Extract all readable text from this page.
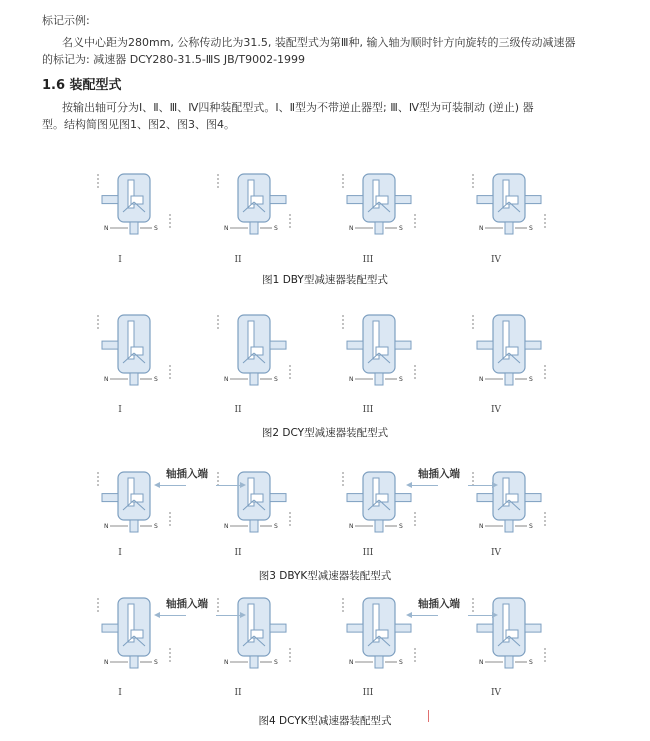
标记示例:
名义中心距为280mm, 公称传动比为31.5, 装配型式为第Ⅲ种, 输入轴为顺时针方向旋转的三级传动减速器
的标记为: 减速器 DCY280-31.5-ⅢS JB/T9002-1999
1.6 装配型式
按输出轴可分为Ⅰ、Ⅱ、Ⅲ、Ⅳ四种装配型式。Ⅰ、Ⅱ型为不带逆止器型; Ⅲ、Ⅳ型为可装制动 (逆止) 器
型。结构简图见图1、图2、图3、图4。
N	S
I
N	S
II
N	S
III
N	S
IV
图1 DBY型减速器装配型式
N	S
I
N	S
II
N	S
III
N	S
IV
图2 DCY型减速器装配型式
N	S
I
N	S
II
N	S
III
N	S
IV
轴插入端	轴插入端
图3 DBYK型减速器装配型式
N	S
I
N	S
II
N	S
III
N	S
IV
轴插入端	轴插入端
图4 DCYK型减速器装配型式
